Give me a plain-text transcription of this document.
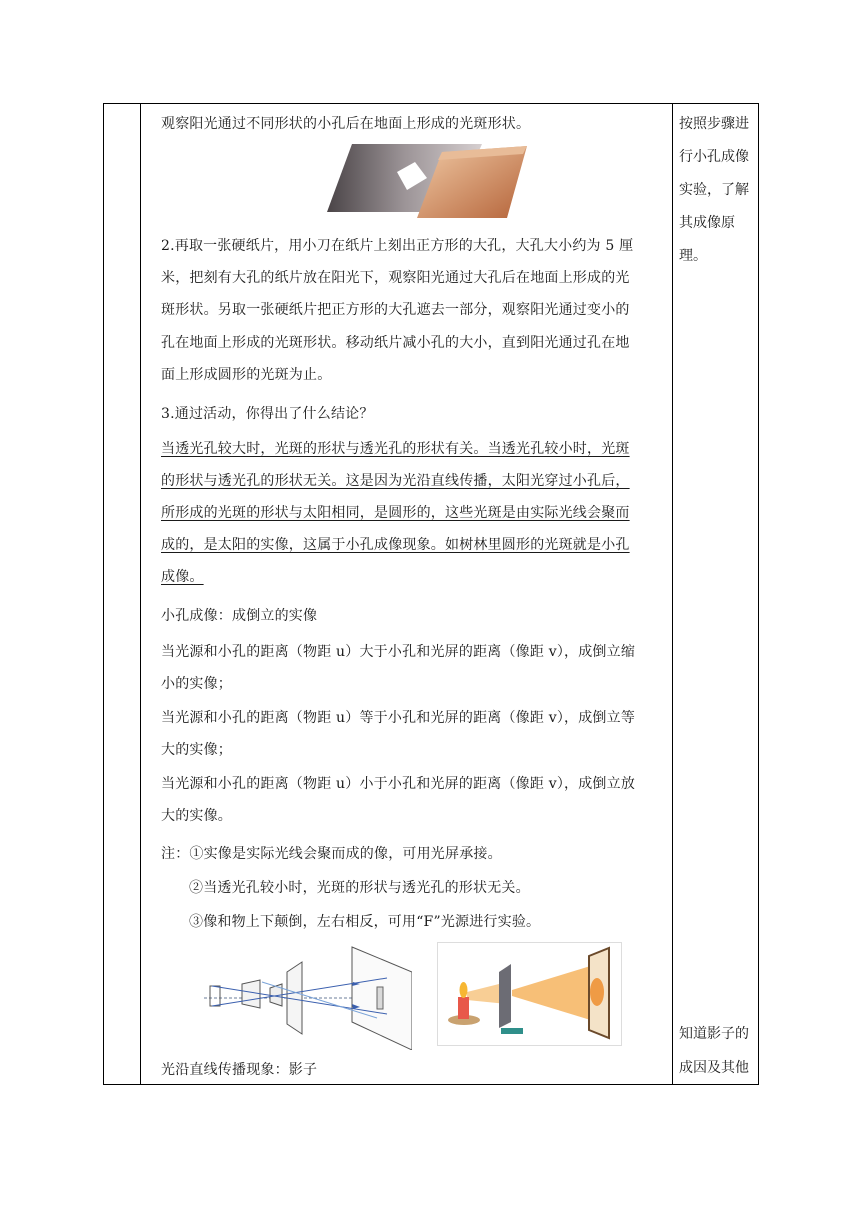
观察阳光通过不同形状的小孔后在地面上形成的光斑形状。
2.再取一张硬纸片，用小刀在纸片上刻出正方形的大孔，大孔大小约为 5 厘
米，把刻有大孔的纸片放在阳光下，观察阳光通过大孔后在地面上形成的光
斑形状。另取一张硬纸片把正方形的大孔遮去一部分，观察阳光通过变小的
孔在地面上形成的光斑形状。移动纸片减小孔的大小，直到阳光通过孔在地
面上形成圆形的光斑为止。
3.通过活动，你得出了什么结论？
当透光孔较大时，光斑的形状与透光孔的形状有关。当透光孔较小时，光斑
的形状与透光孔的形状无关。这是因为光沿直线传播，太阳光穿过小孔后，
所形成的光斑的形状与太阳相同，是圆形的，这些光斑是由实际光线会聚而
成的，是太阳的实像，这属于小孔成像现象。如树林里圆形的光斑就是小孔
成像。
小孔成像：成倒立的实像
当光源和小孔的距离（物距 u）大于小孔和光屏的距离（像距 v），成倒立缩
小的实像；
当光源和小孔的距离（物距 u）等于小孔和光屏的距离（像距 v），成倒立等
大的实像；
当光源和小孔的距离（物距 u）小于小孔和光屏的距离（像距 v），成倒立放
大的实像。
注：①实像是实际光线会聚而成的像，可用光屏承接。
②当透光孔较小时，光斑的形状与透光孔的形状无关。
③像和物上下颠倒，左右相反，可用“F”光源进行实验。
光沿直线传播现象：影子
按照步骤进
行小孔成像
实验，了解
其成像原
理。
知道影子的
成因及其他
